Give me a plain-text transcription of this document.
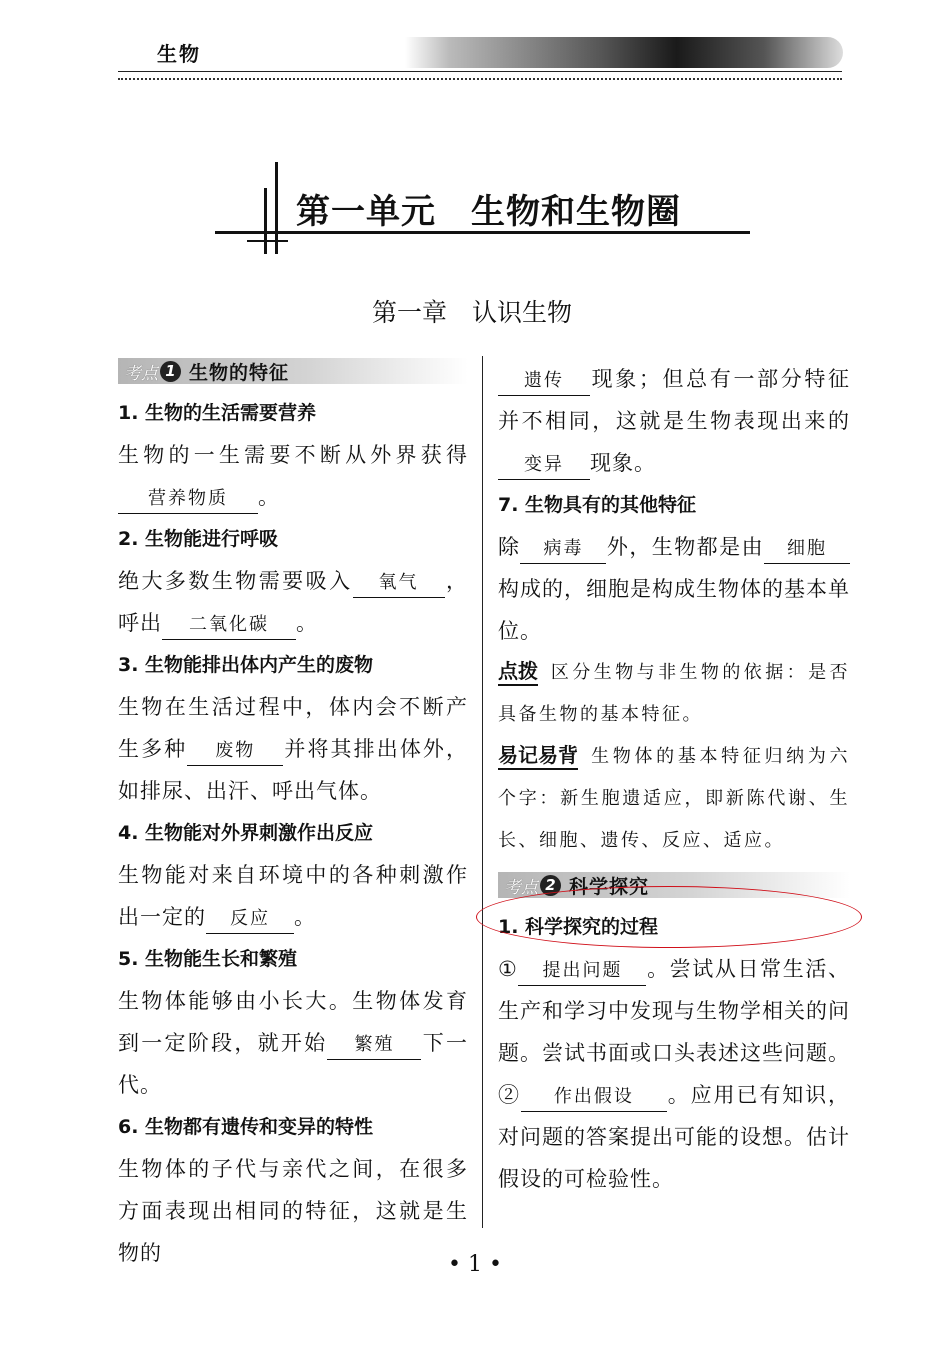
生物
第一单元　生物和生物圈
第一章　认识生物
考点 1 生物的特征
1. 生物的生活需要营养
生物的一生需要不断从外界获得营养物质 。
2. 生物能进行呼吸
绝大多数生物需要吸入 氧气 ，呼出 二氧化碳 。
3. 生物能排出体内产生的废物
生物在生活过程中，体内会不断产生多种 废物 并将其排出体外，如排尿、出汗、呼出气体。
4. 生物能对外界刺激作出反应
生物能对来自环境中的各种刺激作出一定的 反应 。
5. 生物能生长和繁殖
生物体能够由小长大。生物体发育到一定阶段，就开始 繁殖 下一代。
6. 生物都有遗传和变异的特性
生物体的子代与亲代之间，在很多方面表现出相同的特征，这就是生物的
遗传 现象；但总有一部分特征并不相同，这就是生物表现出来的变异 现象。
7. 生物具有的其他特征
除 病毒 外，生物都是由 细胞构成的，细胞是构成生物体的基本单位。
点拨 区分生物与非生物的依据：是否具备生物的基本特征。
易记易背 生物体的基本特征归纳为六个字：新生胞遗适应，即新陈代谢、生长、细胞、遗传、反应、适应。
考点 2 科学探究
1. 科学探究的过程
① 提出问题 。尝试从日常生活、生产和学习中发现与生物学相关的问题。尝试书面或口头表述这些问题。② 作出假设 。应用已有知识，对问题的答案提出可能的设想。估计假设的可检验性。
• 1 •
